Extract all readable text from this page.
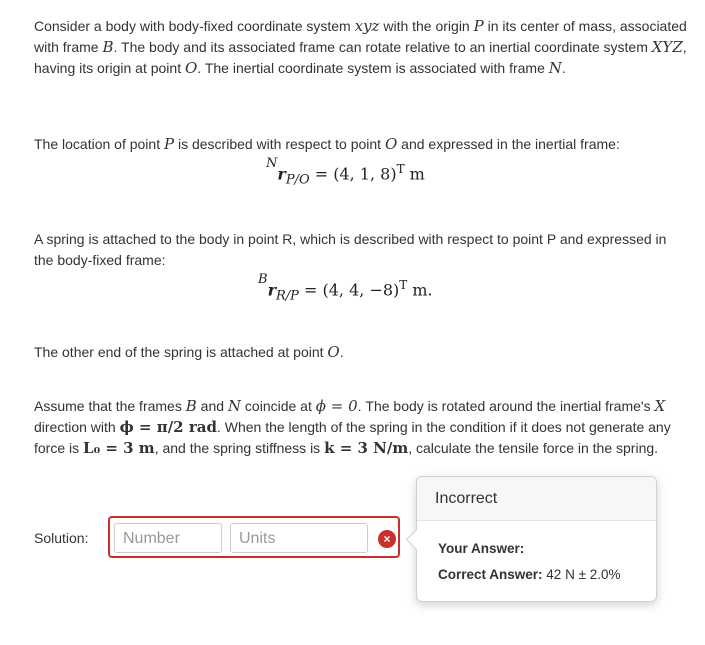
Consider a body with body-fixed coordinate system xyz with the origin P in its center of mass, associated with frame B. The body and its associated frame can rotate relative to an inertial coordinate system XYZ, having its origin at point O. The inertial coordinate system is associated with frame N.
The location of point P is described with respect to point O and expressed in the inertial frame:
$^Nr_{P/O} = (4$, 1, 8)$^T$ m
A spring is attached to the body in point R, which is described with respect to point P and expressed in the body-fixed frame:
$^Br_{R/P} = (4$, 4, −8)$^T$ m.
The other end of the spring is attached at point O.
Assume that the frames B and N coincide at ϕ = 0. The body is rotated around the inertial frame's X direction with ϕ = π/2 rad. When the length of the spring in the condition if it does not generate any force is L₀ = 3 m, and the spring stiffness is k = 3 N/m, calculate the tensile force in the spring.
Solution:	Number	Units	×
Incorrect
Your Answer:
Correct Answer: 42 N ± 2.0%
